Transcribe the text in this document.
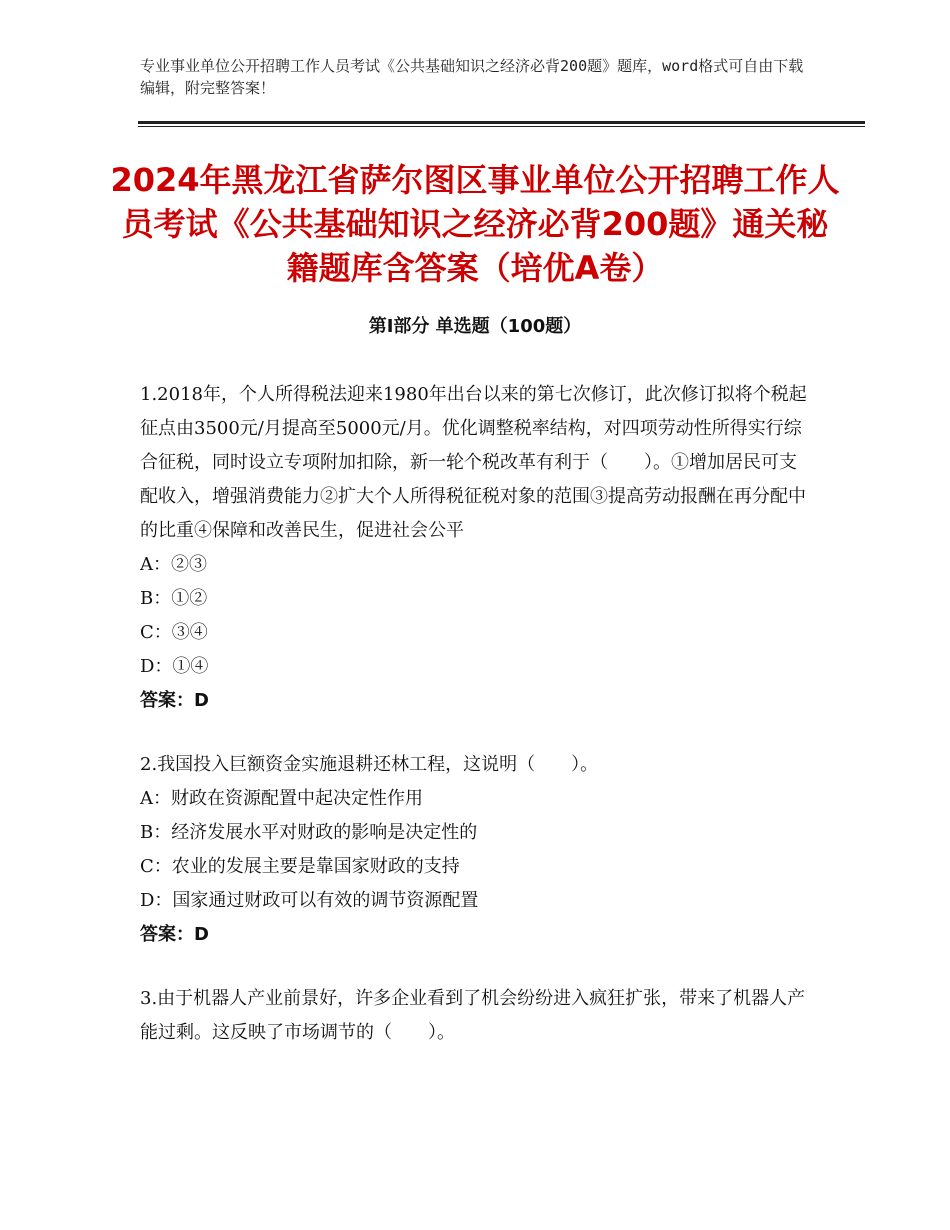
专业事业单位公开招聘工作人员考试《公共基础知识之经济必背200题》题库，word格式可自由下载编辑，附完整答案！
2024年黑龙江省萨尔图区事业单位公开招聘工作人员考试《公共基础知识之经济必背200题》通关秘籍题库含答案（培优A卷）
第Ⅰ部分 单选题（100题）

1.2018年，个人所得税法迎来1980年出台以来的第七次修订，此次修订拟将个税起征点由3500元/月提高至5000元/月。优化调整税率结构，对四项劳动性所得实行综合征税，同时设立专项附加扣除，新一轮个税改革有利于（　　）。①增加居民可支配收入，增强消费能力②扩大个人所得税征税对象的范围③提高劳动报酬在再分配中的比重④保障和改善民生，促进社会公平

A：②③

B：①②

C：③④

D：①④

答案：D

2.我国投入巨额资金实施退耕还林工程，这说明（　　）。

A：财政在资源配置中起决定性作用

B：经济发展水平对财政的影响是决定性的

C：农业的发展主要是靠国家财政的支持

D：国家通过财政可以有效的调节资源配置

答案：D

3.由于机器人产业前景好，许多企业看到了机会纷纷进入疯狂扩张，带来了机器人产能过剩。这反映了市场调节的（　　）。
